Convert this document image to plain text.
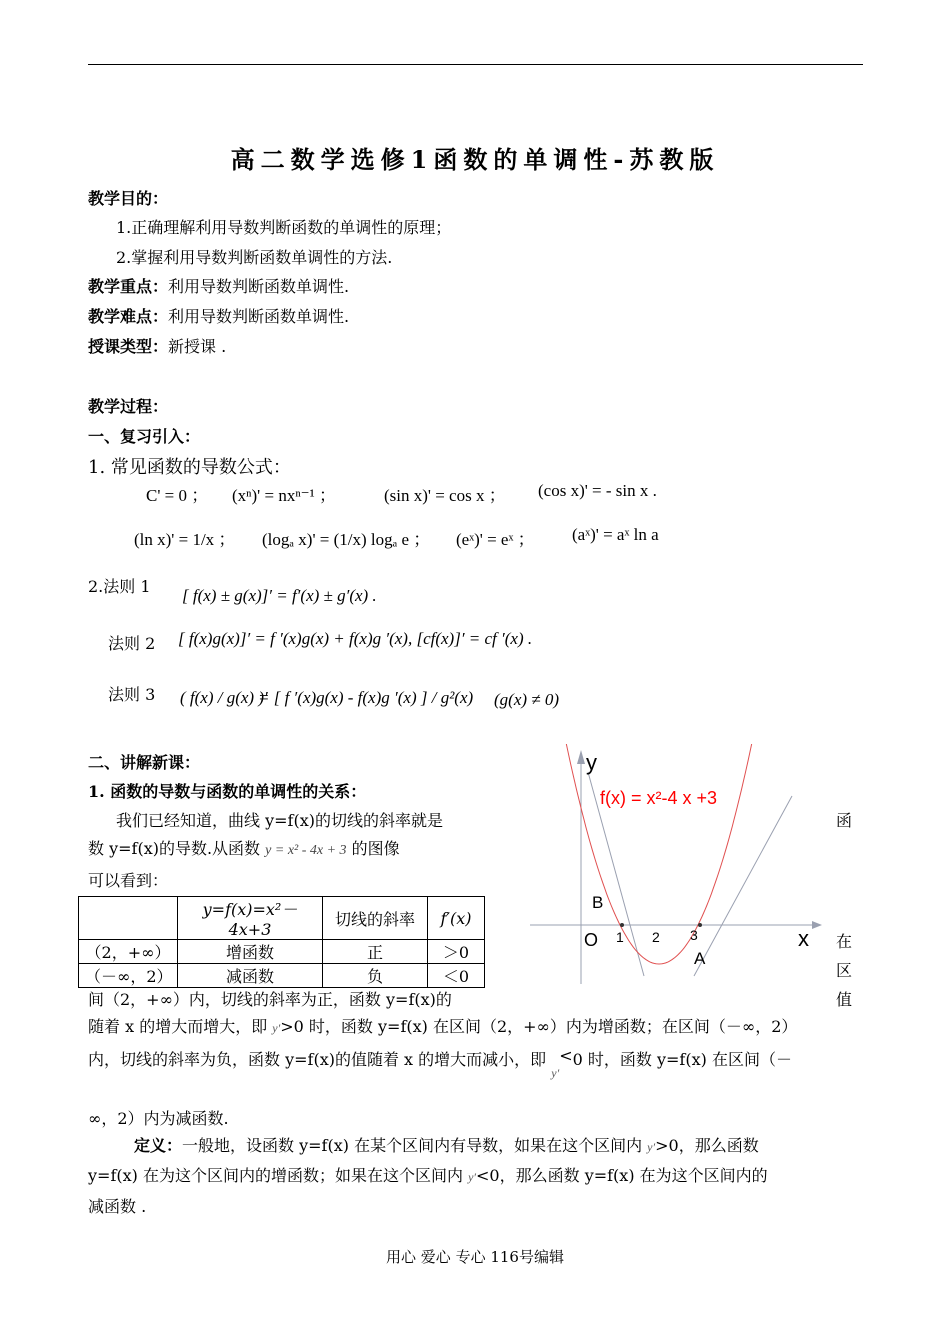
高二数学选修1函数的单调性-苏教版
教学目的：
1.正确理解利用导数判断函数的单调性的原理；
2.掌握利用导数判断函数单调性的方法.
教学重点：利用导数判断函数单调性.
教学难点：利用导数判断函数单调性.
授课类型：新授课 .
教学过程：
一、复习引入：
1. 常见函数的导数公式：
C' = 0 ； (xⁿ)' = nxⁿ⁻¹ ；	(sin x)' = cos x ； (cos x)' = - sin x .
(ln x)' = 1/x ； (logₐ x)' = (1/x) logₐ e ； (eˣ)' = eˣ ； (aˣ)' = aˣ ln a
2.法则 1 [ f(x) ± g(x)]′ = f′(x) ± g′(x) .
法则 2 [ f(x)g(x)]′ = f ′(x)g(x) + f(x)g ′(x), [cf(x)]′ = cf ′(x) .
法则 3 ( f(x) / g(x) )′
= [ f ′(x)g(x) - f(x)g ′(x) ] / g²(x) (g(x) ≠ 0)
二、讲解新课：
1. 函数的导数与函数的单调性的关系：
我们已经知道，曲线 y=f(x)的切线的斜率就是	函
数 y=f(x)的导数.从函数 y = x² - 4x + 3 的图像
可以看到：
	y=f(x)=x²－4x+3	切线的斜率	f′(x)
（2，+∞）	增函数	正	＞0
（－∞，2）	减函数	负	＜0
y
x
O 1 2 3
B
A
f(x) = x²-4 x +3
在
区
值
间（2，+∞）内，切线的斜率为正，函数 y=f(x)的
随着 x 的增大而增大，即 y′>0 时，函数 y=f(x) 在区间（2，+∞）内为增函数；在区间（－∞，2）
内，切线的斜率为负，函数 y=f(x)的值随着 x 的增大而减小，即 $_{y'}$<0 时，函数 y=f(x) 在区间（－
∞，2）内为减函数.
定义：一般地，设函数 y=f(x) 在某个区间内有导数，如果在这个区间内 y′>0，那么函数
y=f(x) 在为这个区间内的增函数；如果在这个区间内 y′<0，那么函数 y=f(x) 在为这个区间内的
减函数 .
用心 爱心 专心 116号编辑
